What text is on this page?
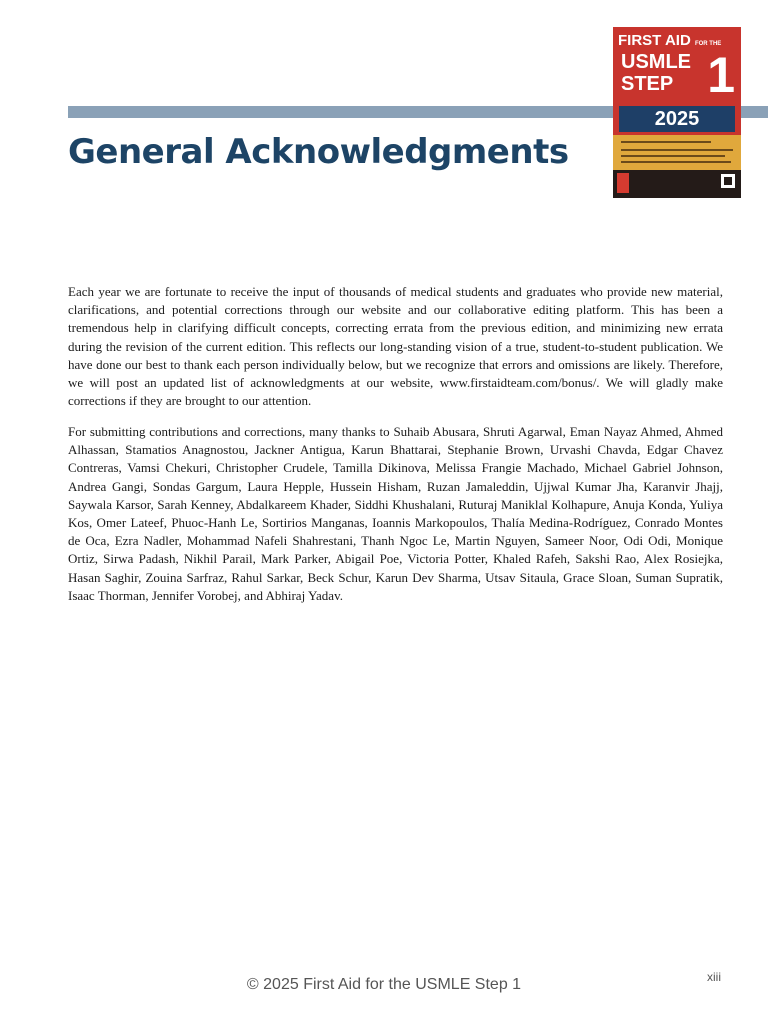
General Acknowledgments
FIRST AID FOR THE
USMLE
STEP 1
2025

Each year we are fortunate to receive the input of thousands of medical students and graduates who provide new material, clarifications, and potential corrections through our website and our collaborative editing platform. This has been a tremendous help in clarifying difficult concepts, correcting errata from the previous edition, and minimizing new errata during the revision of the current edition. This reflects our long-standing vision of a true, student-to-student publication. We have done our best to thank each person individually below, but we recognize that errors and omissions are likely. Therefore, we will post an updated list of acknowledgments at our website, www.firstaidteam.com/bonus/. We will gladly make corrections if they are brought to our attention.

For submitting contributions and corrections, many thanks to Suhaib Abusara, Shruti Agarwal, Eman Nayaz Ahmed, Ahmed Alhassan, Stamatios Anagnostou, Jackner Antigua, Karun Bhattarai, Stephanie Brown, Urvashi Chavda, Edgar Chavez Contreras, Vamsi Chekuri, Christopher Crudele, Tamilla Dikinova, Melissa Frangie Machado, Michael Gabriel Johnson, Andrea Gangi, Sondas Gargum, Laura Hepple, Hussein Hisham, Ruzan Jamaleddin, Ujjwal Kumar Jha, Karanvir Jhajj, Saywala Karsor, Sarah Kenney, Abdalkareem Khader, Siddhi Khushalani, Ruturaj Maniklal Kolhapure, Anuja Konda, Yuliya Kos, Omer Lateef, Phuoc-Hanh Le, Sortirios Manganas, Ioannis Markopoulos, Thalía Medina-Rodríguez, Conrado Montes de Oca, Ezra Nadler, Mohammad Nafeli Shahrestani, Thanh Ngoc Le, Martin Nguyen, Sameer Noor, Odi Odi, Monique Ortiz, Sirwa Padash, Nikhil Parail, Mark Parker, Abigail Poe, Victoria Potter, Khaled Rafeh, Sakshi Rao, Alex Rosiejka, Hasan Saghir, Zouina Sarfraz, Rahul Sarkar, Beck Schur, Karun Dev Sharma, Utsav Sitaula, Grace Sloan, Suman Supratik, Isaac Thorman, Jennifer Vorobej, and Abhiraj Yadav.

© 2025 First Aid for the USMLE Step 1	xiii
